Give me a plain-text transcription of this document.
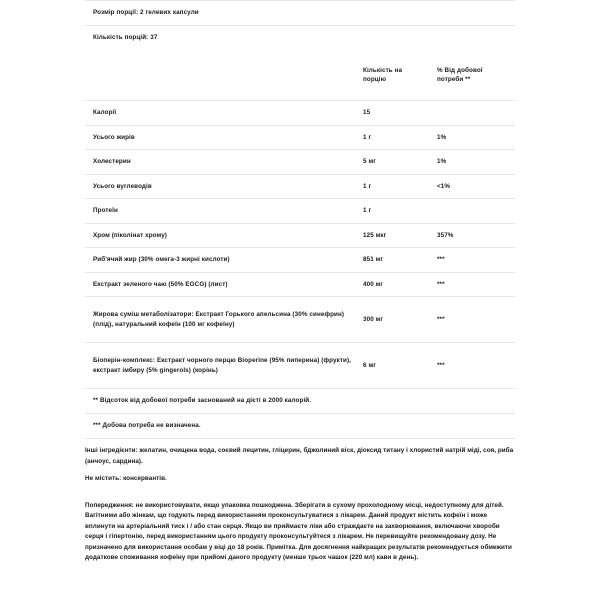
Розмір порції: 2 гелевих капсули
Кількість порцій: 37

	Кількість на порцію	% Від добової потреби **

Калорії	15	
Усього жирів	1 г	1%
Холестерин	5 мг	1%
Усього вуглеводів	1 г	<1%
Протеїн	1 г	
Хром (піколінат хрому)	125 мкг	357%
Риб'ячий жир (30% омега-3 жирні кислоти)	851 мг	***
Екстракт зеленого чаю (50% EGCG) (лист)	400 мг	***
Жирова суміш метаболізатори: Екстракт Горького апельсина (30% синефрин) (плід), натуральний кофеїн (100 мг кофеїну)	300 мг	***
Біоперін-комплекс: Екстракт чорного перцю Bioperine (95% пиперина) (фрукти), екстракт імбиру (5% gingerols) (корінь)	6 мг	***
** Відсоток від добової потреби заснований на дієті в 2000 калорій.
*** Добова потреба не визначена.

Інші інгредієнти: желатин, очищена вода, соєвий лецитин, гліцерин, бджолиний віск, діоксид титану і хлористий натрій міді, соя, риба (анчоус, сардина).

Не містить: консервантів.

Попередження: не використовувати, якщо упаковка пошкоджена. Зберігати в сухому прохолодному місці, недоступному для дітей. Вагітними або жінкам, що годують перед використанням проконсультуватися з лікарем. Даний продукт містить кофеїн і може вплинути на артеріальний тиск і / або стан серця. Якщо ви приймаєте ліки або страждаєте на захворювання, включаючи хвороби серця і гіпертонію, перед використанням цього продукту проконсультуйтеся з лікарем. Не перевищуйте рекомендовану дозу. Не призначено для використання особам у віці до 18 років. Примітка. Для досягнення найкращих результатів рекомендується обмежити додаткове споживання кофеїну при прийомі даного продукту (менше трьох чашок (220 мл) кави в день).
